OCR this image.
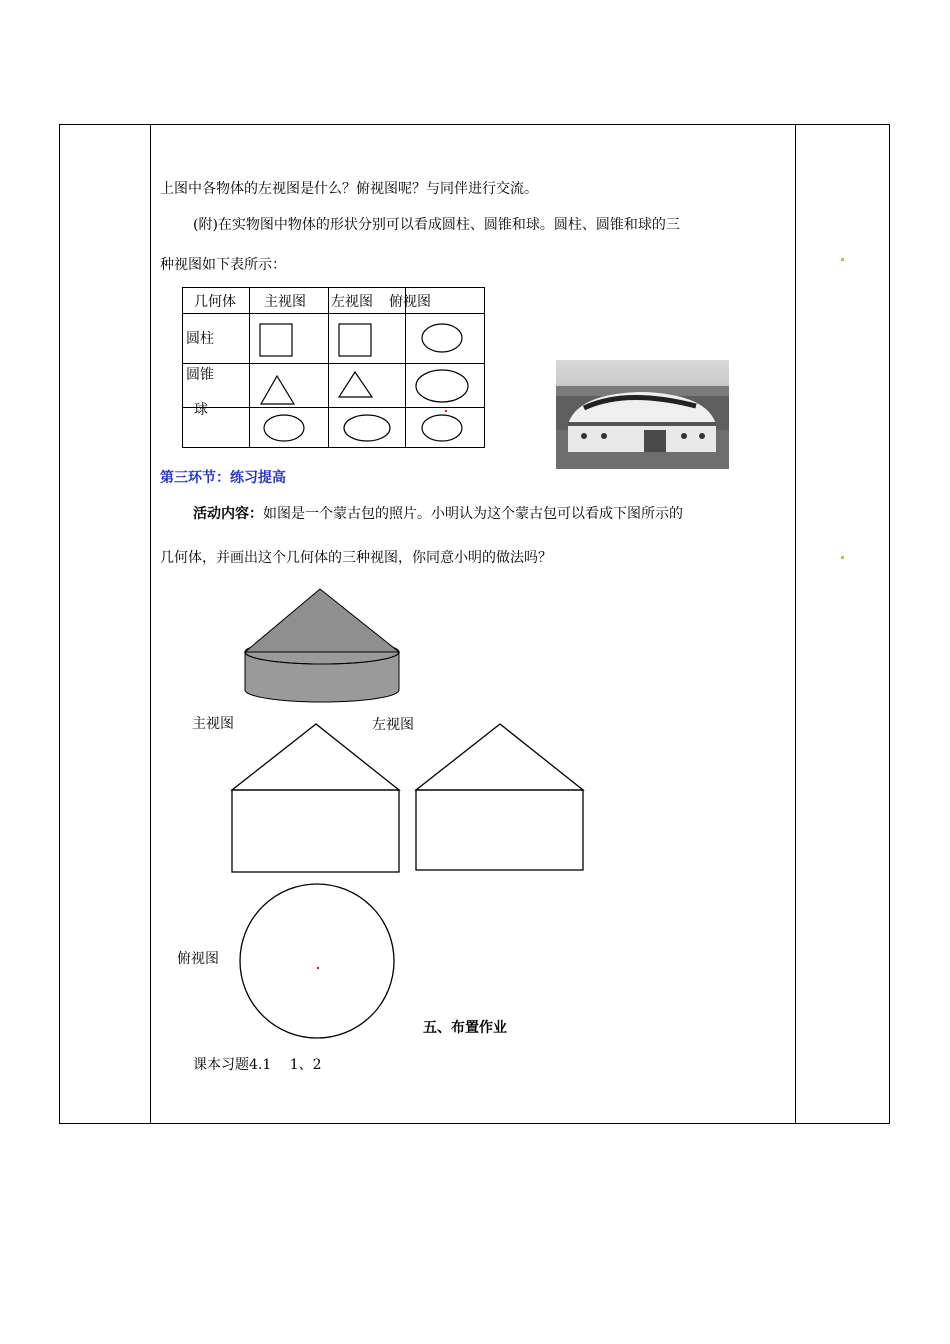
上图中各物体的左视图是什么？俯视图呢？与同伴进行交流。
(附)在实物图中物体的形状分别可以看成圆柱、圆锥和球。圆柱、圆锥和球的三
种视图如下表所示：

几何体 主视图 左视图 俯视图
圆柱
圆锥
球
第三环节：练习提高
活动内容：如图是一个蒙古包的照片。小明认为这个蒙古包可以看成下图所示的
几何体，并画出这个几何体的三种视图，你同意小明的做法吗？
主视图	左视图
俯视图
五、布置作业
课本习题4.1　 1、2
